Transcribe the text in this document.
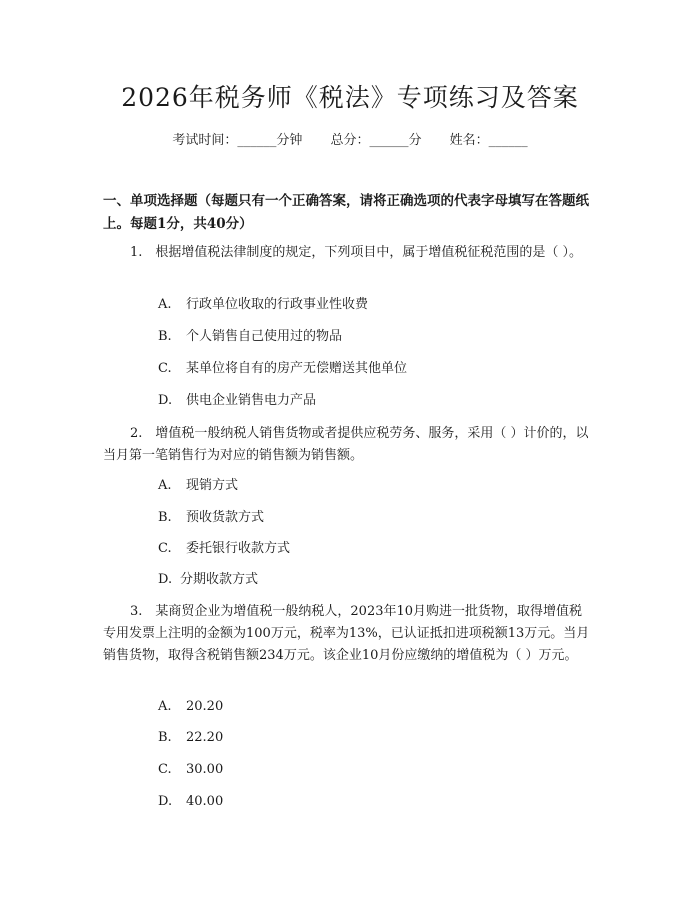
2026年税务师《税法》专项练习及答案
考试时间：______分钟 总分：______分 姓名：______
一、单项选择题（每题只有一个正确答案，请将正确选项的代表字母填写在答题纸上。每题1分，共40分）
1.　根据增值税法律制度的规定，下列项目中，属于增值税征税范围的是（ ）。
A. 行政单位收取的行政事业性收费
B. 个人销售自己使用过的物品
C. 某单位将自有的房产无偿赠送其他单位
D. 供电企业销售电力产品
2.　增值税一般纳税人销售货物或者提供应税劳务、服务，采用（ ）计价的，以当月第一笔销售行为对应的销售额为销售额。
A. 现销方式
B. 预收货款方式
C. 委托银行收款方式
D. 分期收款方式
3.　某商贸企业为增值税一般纳税人，2023年10月购进一批货物，取得增值税专用发票上注明的金额为100万元，税率为13%，已认证抵扣进项税额13万元。当月销售货物，取得含税销售额234万元。该企业10月份应缴纳的增值税为（ ）万元。
A. 20.20
B. 22.20
C. 30.00
D. 40.00
